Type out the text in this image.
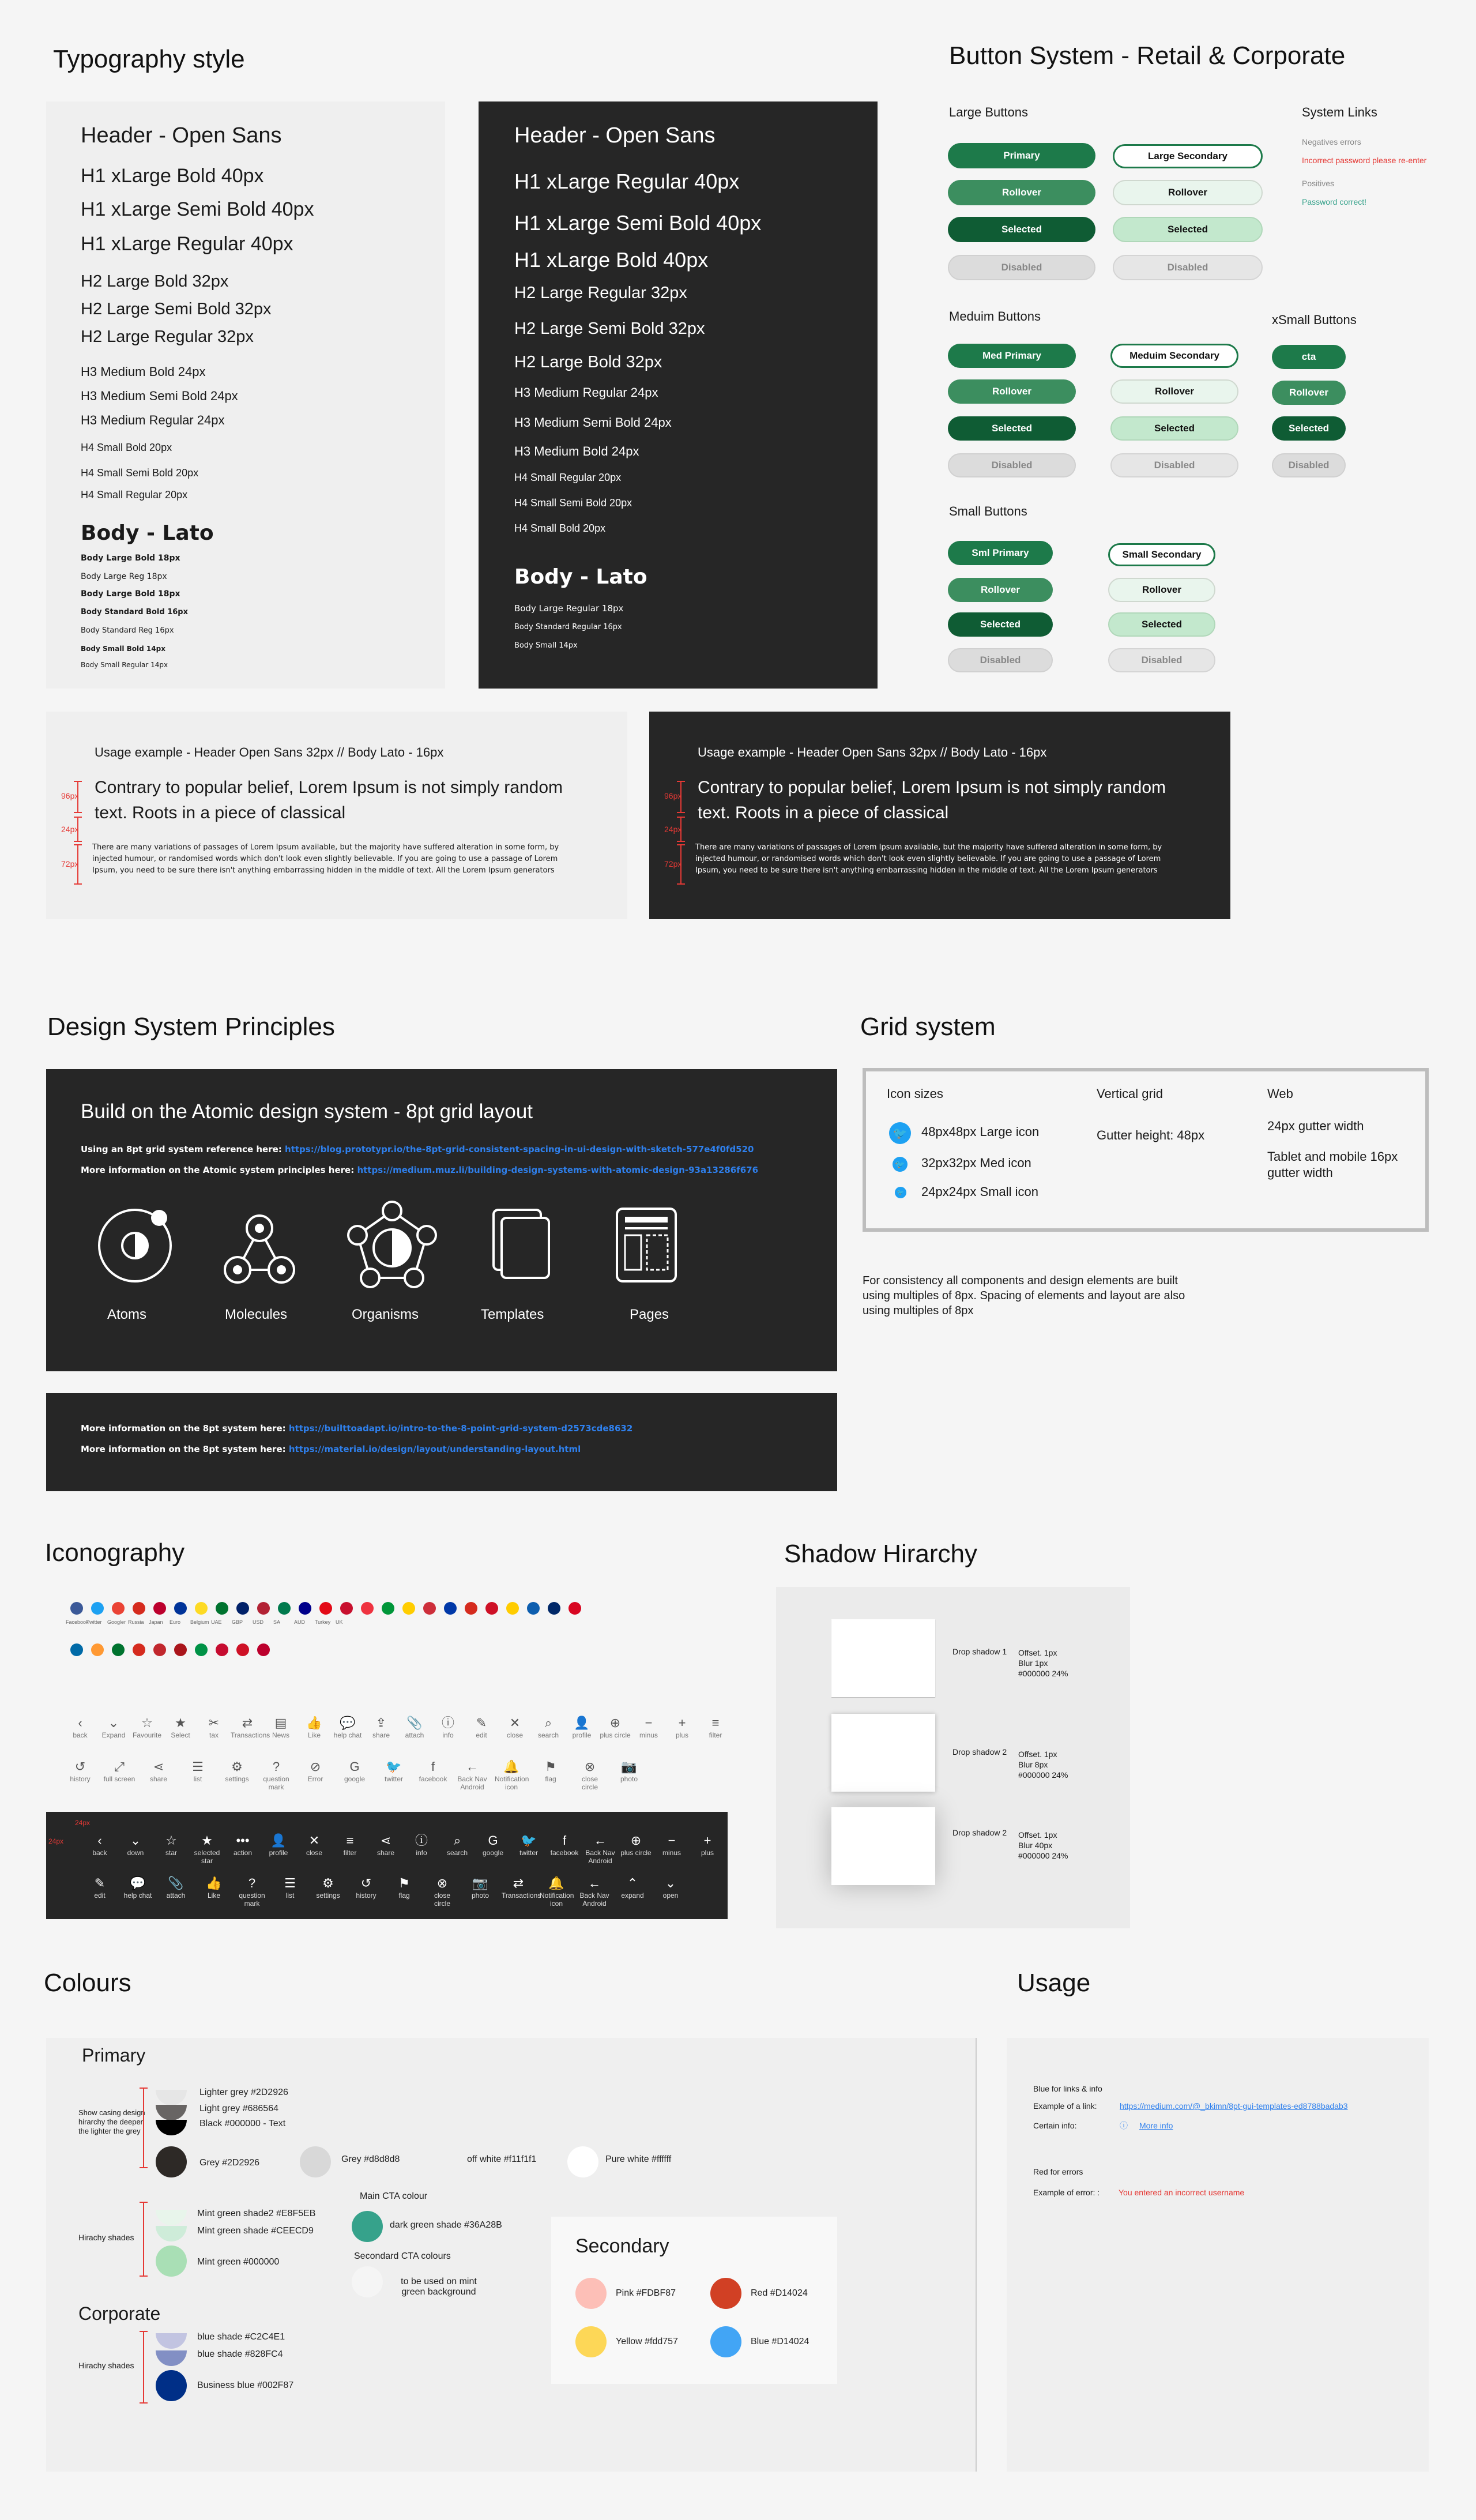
Typography style
Header - Open Sans
H1 xLarge Bold 40px
H1 xLarge Semi Bold 40px
H1 xLarge Regular 40px
H2 Large Bold 32px
H2 Large Semi Bold 32px
H2 Large Regular 32px
H3 Medium Bold 24px
H3 Medium Semi Bold 24px
H3 Medium Regular 24px
H4 Small Bold 20px
H4 Small Semi Bold 20px
H4 Small Regular 20px
Body - Lato
Body Large Bold 18px
Body Large Reg 18px
Body Large Bold 18px
Body Standard Bold 16px
Body Standard Reg 16px
Body Small Bold 14px
Body Small Regular 14px
Header - Open Sans
H1 xLarge Regular 40px
H1 xLarge Semi Bold 40px
H1 xLarge Bold 40px
H2 Large Regular 32px
H2 Large Semi Bold 32px
H2 Large Bold 32px
H3 Medium Regular 24px
H3 Medium Semi Bold 24px
H3 Medium Bold 24px
H4 Small Regular 20px
H4 Small Semi Bold 20px
H4 Small Bold 20px
Body - Lato
Body Large Regular 18px
Body Standard Regular 16px
Body Small 14px
Usage example - Header Open Sans 32px // Body Lato - 16px
Contrary to popular belief, Lorem Ipsum is not simply random text. Roots in a piece of classical
There are many variations of passages of Lorem Ipsum available, but the majority have suffered alteration in some form, by injected humour, or randomised words which don't look even slightly believable. If you are going to use a passage of Lorem Ipsum, you need to be sure there isn't anything embarrassing hidden in the middle of text. All the Lorem Ipsum generators
96px
24px
72px
Usage example - Header Open Sans 32px // Body Lato - 16px
Contrary to popular belief, Lorem Ipsum is not simply random text. Roots in a piece of classical
There are many variations of passages of Lorem Ipsum available, but the majority have suffered alteration in some form, by injected humour, or randomised words which don't look even slightly believable. If you are going to use a passage of Lorem Ipsum, you need to be sure there isn't anything embarrassing hidden in the middle of text. All the Lorem Ipsum generators
96px
24px
72px
Button System - Retail & Corporate
Large Buttons
Primary
Rollover
Selected
Disabled
Large Secondary
Rollover
Selected
Disabled
System Links
Negatives errors
Incorrect password please re-enter
Positives
Password correct!
Meduim Buttons
Med Primary
Rollover
Selected
Disabled
Meduim Secondary
Rollover
Selected
Disabled
xSmall Buttons
cta
Rollover
Selected
Disabled
Small Buttons
Sml Primary
Rollover
Selected
Disabled
Small Secondary
Rollover
Selected
Disabled
Design System Principles
Build on the Atomic design system - 8pt grid layout
Using an 8pt grid system reference here: https://blog.prototypr.io/the-8pt-grid-consistent-spacing-in-ui-design-with-sketch-577e4f0fd520
More information on the Atomic system principles here: https://medium.muz.li/building-design-systems-with-atomic-design-93a13286f676
Atoms	Molecules	Organisms	Templates	Pages
More information on the 8pt system here: https://builttoadapt.io/intro-to-the-8-point-grid-system-d2573cde8632
More information on the 8pt system here: https://material.io/design/layout/understanding-layout.html
Grid system
Icon sizes
🐦 48px48px Large icon
🐦 32px32px Med icon
🐦 24px24px Small icon
Vertical grid
Gutter height: 48px
Web
24px gutter width
Tablet and mobile 16px gutter width
For consistency all components and design elements are built using multiples of 8px. Spacing of elements and layout are also using multiples of 8px
Iconography
Facebook
Twitter Googler Russia Japan Euro Belgium UAE GBP USD SA	AUD Turkey UK
‹
back
⌄
Expand
☆
Favourite
★
Select
✂
tax
⇄
Transactions
▤
News
👍
Like
💬
help chat
⇪
share
📎
attach
ⓘ
info
✎
edit
✕
close
⌕
search
👤
profile
⊕
plus circle
−
minus
+
plus
≡
filter
↺
history
⤢
full screen
⋖
share
☰
list
⚙
settings
?
question mark
⊘
Error
G
google
🐦
twitter
f
facebook
←
Back Nav Android
🔔
Notification icon
⚑
flag
⊗
close circle
📷
photo
‹
back
⌄
down
☆
star
★
selected star
•••
action
👤
profile
✕
close
≡
filter
⋖
share
ⓘ
info
⌕
search
G
google
🐦
twitter
f
facebook
←
Back Nav Android
⊕
plus circle
−
minus
+
plus
✎
edit
💬
help chat
📎
attach
👍
Like
?
question mark
☰
list
⚙
settings
↺
history
⚑
flag
⊗
close circle
📷
photo
⇄
Transactions
🔔
Notification icon
←
Back Nav Android
⌃
expand
⌄
open
24px
24px
Shadow Hirarchy
Drop shadow 1 Offset. 1px
Blur 1px
#000000 24%
Drop shadow 2 Offset. 1px
Blur 8px
#000000 24%
Drop shadow 2 Offset. 1px
Blur 40px
#000000 24%
Colours
Primary
Show casing design hirarchy the deeper the lighter the grey
Lighter grey #2D2926
Light grey #686564
Black #000000 - Text
Grey #2D2926	Grey #d8d8d8	off white #f11f1f1	Pure white #ffffff
Hirachy shades
Mint green shade2 #E8F5EB
Mint green shade #CEECD9
Mint green #000000
Main CTA colour
dark green shade #36A28B
Secondard CTA colours
to be used on mint green background
Corporate
Hirachy shades
blue shade #C2C4E1
blue shade #828FC4
Business blue #002F87
Secondary
Pink #FDBF87	Red #D14024
Yellow #fdd757	Blue #D14024
Usage
Blue for links & info
Example of a link:	https://medium.com/@_bkimn/8pt-gui-templates-ed8788badab3
Certain info:	ⓘ More info
Red for errors
Example of error: : You entered an incorrect username
